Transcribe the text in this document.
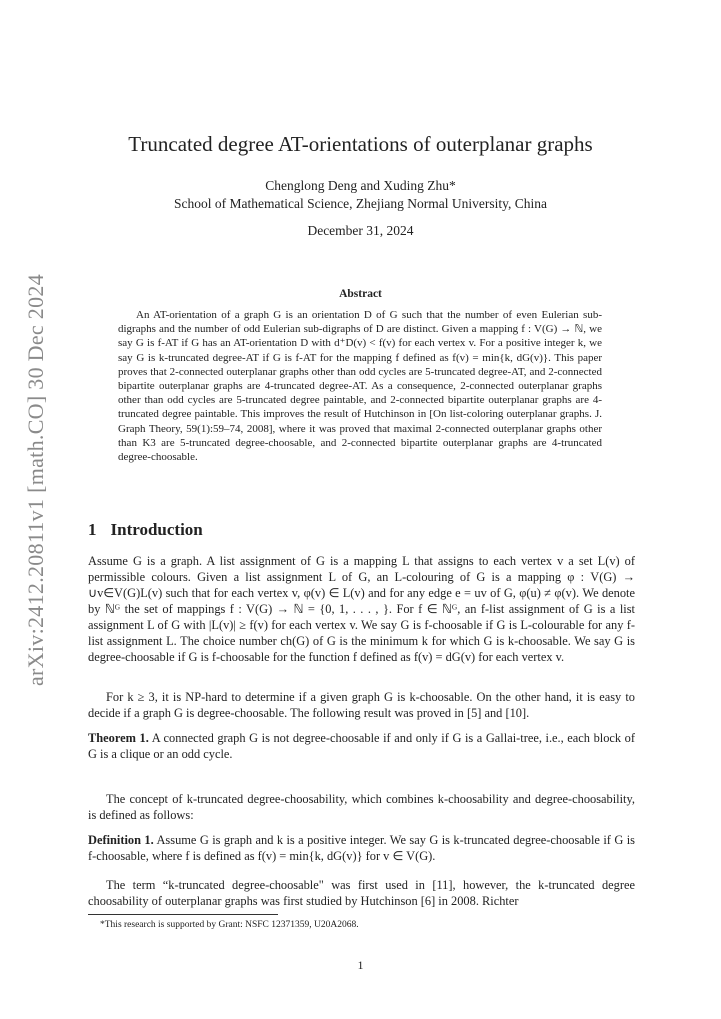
arXiv:2412.20811v1 [math.CO] 30 Dec 2024
Truncated degree AT-orientations of outerplanar graphs
Chenglong Deng and Xuding Zhu*
School of Mathematical Science, Zhejiang Normal University, China
December 31, 2024
Abstract
An AT-orientation of a graph G is an orientation D of G such that the number of even Eulerian sub-digraphs and the number of odd Eulerian sub-digraphs of D are distinct. Given a mapping f : V(G) → ℕ, we say G is f-AT if G has an AT-orientation D with d⁺D(v) < f(v) for each vertex v. For a positive integer k, we say G is k-truncated degree-AT if G is f-AT for the mapping f defined as f(v) = min{k, dG(v)}. This paper proves that 2-connected outerplanar graphs other than odd cycles are 5-truncated degree-AT, and 2-connected bipartite outerplanar graphs are 4-truncated degree-AT. As a consequence, 2-connected outerplanar graphs other than odd cycles are 5-truncated degree paintable, and 2-connected bipartite outerplanar graphs are 4-truncated degree paintable. This improves the result of Hutchinson in [On list-coloring outerplanar graphs. J. Graph Theory, 59(1):59–74, 2008], where it was proved that maximal 2-connected outerplanar graphs other than K3 are 5-truncated degree-choosable, and 2-connected bipartite outerplanar graphs are 4-truncated degree-choosable.
1 Introduction
Assume G is a graph. A list assignment of G is a mapping L that assigns to each vertex v a set L(v) of permissible colours. Given a list assignment L of G, an L-colouring of G is a mapping φ : V(G) → ∪v∈V(G)L(v) such that for each vertex v, φ(v) ∈ L(v) and for any edge e = uv of G, φ(u) ≠ φ(v). We denote by ℕᴳ the set of mappings f : V(G) → ℕ = {0, 1, . . . , }. For f ∈ ℕᴳ, an f-list assignment of G is a list assignment L of G with |L(v)| ≥ f(v) for each vertex v. We say G is f-choosable if G is L-colourable for any f-list assignment L. The choice number ch(G) of G is the minimum k for which G is k-choosable. We say G is degree-choosable if G is f-choosable for the function f defined as f(v) = dG(v) for each vertex v.
For k ≥ 3, it is NP-hard to determine if a given graph G is k-choosable. On the other hand, it is easy to decide if a graph G is degree-choosable. The following result was proved in [5] and [10].
Theorem 1. A connected graph G is not degree-choosable if and only if G is a Gallai-tree, i.e., each block of G is a clique or an odd cycle.
The concept of k-truncated degree-choosability, which combines k-choosability and degree-choosability, is defined as follows:
Definition 1. Assume G is graph and k is a positive integer. We say G is k-truncated degree-choosable if G is f-choosable, where f is defined as f(v) = min{k, dG(v)} for v ∈ V(G).
The term “k-truncated degree-choosable" was first used in [11], however, the k-truncated degree choosability of outerplanar graphs was first studied by Hutchinson [6] in 2008. Richter
*This research is supported by Grant: NSFC 12371359, U20A2068.
1
